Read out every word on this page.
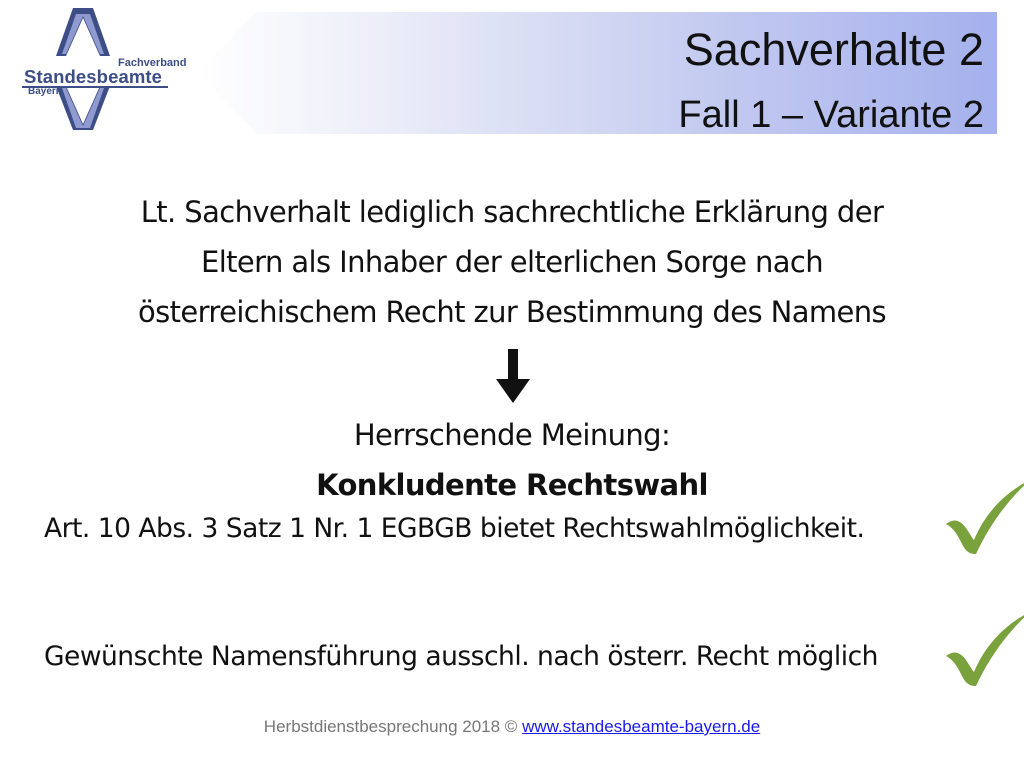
Fachverband
Standesbeamte
Bayern
Sachverhalte 2
Fall 1 – Variante 2
Lt. Sachverhalt lediglich sachrechtliche Erklärung der
Eltern als Inhaber der elterlichen Sorge nach
österreichischem Recht zur Bestimmung des Namens
Herrschende Meinung:
Konkludente Rechtswahl
Art. 10 Abs. 3 Satz 1 Nr. 1 EGBGB bietet Rechtswahlmöglichkeit.
Gewünschte Namensführung ausschl. nach österr. Recht möglich
Herbstdienstbesprechung 2018 © www.standesbeamte-bayern.de
